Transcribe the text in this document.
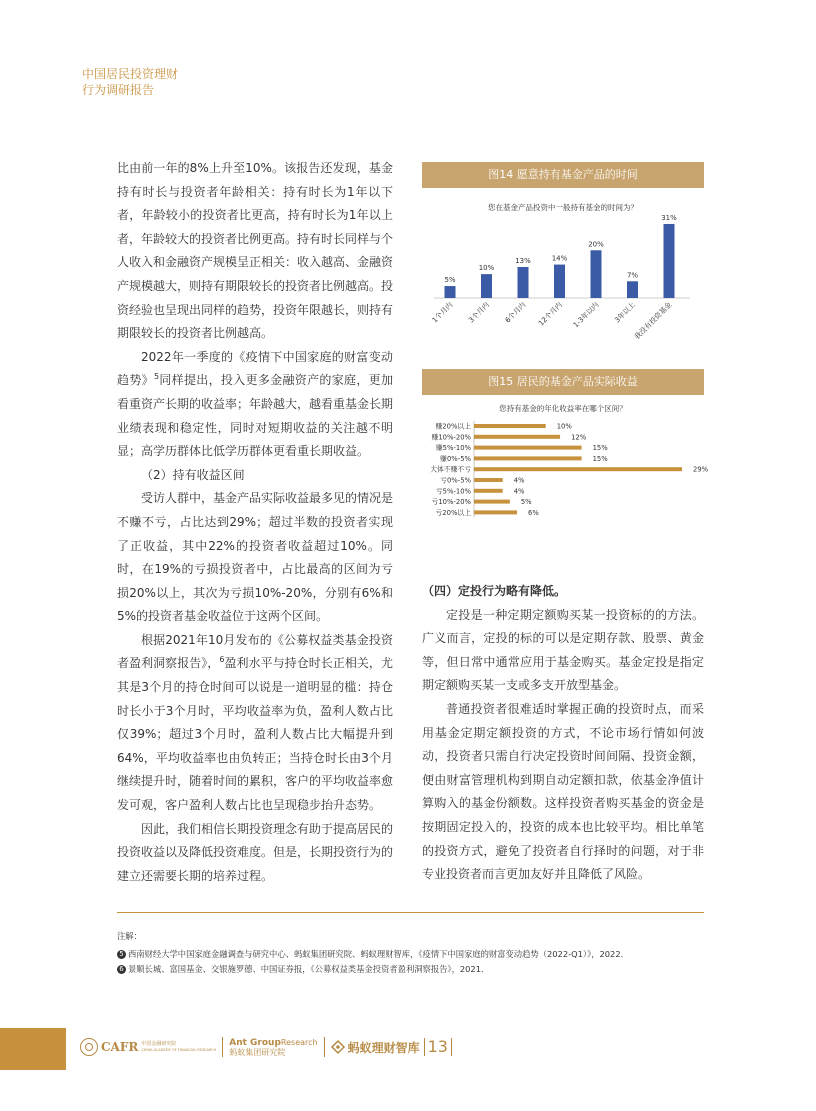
中国居民投资理财
行为调研报告

比由前一年的8%上升至10%。该报告还发现，基金持有时长与投资者年龄相关：持有时长为1年以下者，年龄较小的投资者比更高，持有时长为1年以上者，年龄较大的投资者比例更高。持有时长同样与个人收入和金融资产规模呈正相关：收入越高、金融资产规模越大，则持有期限较长的投资者比例越高。投资经验也呈现出同样的趋势，投资年限越长，则持有期限较长的投资者比例越高。

2022年一季度的《疫情下中国家庭的财富变动趋势》$^5$同样提出，投入更多金融资产的家庭，更加看重资产长期的收益率；年龄越大，越看重基金长期业绩表现和稳定性，同时对短期收益的关注越不明显；高学历群体比低学历群体更看重长期收益。

（2）持有收益区间

受访人群中，基金产品实际收益最多见的情况是不赚不亏，占比达到29%；超过半数的投资者实现了正收益，其中22%的投资者收益超过10%。同时，在19%的亏损投资者中，占比最高的区间为亏损20%以上，其次为亏损10%-20%，分别有6%和5%的投资者基金收益位于这两个区间。

根据2021年10月发布的《公募权益类基金投资者盈利洞察报告》，$^6$盈利水平与持仓时长正相关，尤其是3个月的持仓时间可以说是一道明显的槛：持仓时长小于3个月时，平均收益率为负，盈利人数占比仅39%；超过3个月时，盈利人数占比大幅提升到64%，平均收益率也由负转正；当持仓时长由3个月继续提升时，随着时间的累积，客户的平均收益率愈发可观，客户盈利人数占比也呈现稳步抬升态势。

因此，我们相信长期投资理念有助于提高居民的投资收益以及降低投资难度。但是，长期投资行为的建立还需要长期的培养过程。

图14 愿意持有基金产品的时间
您在基金产品投资中一般持有基金的时间为？
5%
1个月内
10%
3个月内
13%
6个月内
14%
12个月内
20%
1-3年以内
7%
3年以上
31%
我没有投资基金
图15 居民的基金产品实际收益
您持有基金的年化收益率在哪个区间？
赚20%以上	10%
赚10%-20%	12%
赚5%-10%	15%
赚0%-5%	15%
大体不赚不亏	29%
亏0%-5%	4%
亏5%-10%	4%
亏10%-20%	5%
亏20%以上	6%

（四）定投行为略有降低。

定投是一种定期定额购买某一投资标的的方法。广义而言，定投的标的可以是定期存款、股票、黄金等，但日常中通常应用于基金购买。基金定投是指定期定额购买某一支或多支开放型基金。

普通投资者很难适时掌握正确的投资时点，而采用基金定期定额投资的方式，不论市场行情如何波动，投资者只需自行决定投资时间间隔、投资金额，便由财富管理机构到期自动定额扣款，依基金净值计算购入的基金份额数。这样投资者购买基金的资金是按期固定投入的，投资的成本也比较平均。相比单笔的投资方式，避免了投资者自行择时的问题，对于非专业投资者而言更加友好并且降低了风险。

注解：
5 西南财经大学中国家庭金融调查与研究中心、蚂蚁集团研究院、蚂蚁理财智库，《疫情下中国家庭的财富变动趋势（2022-Q1）》，2022.
6 景顺长城、富国基金、交银施罗德、中国证券报，《公募权益类基金投资者盈利洞察报告》，2021.
CAFR 中国金融研究院
CHINA ACADEMY OF FINANCIAL RESEARCH
Ant GroupResearch
蚂蚁集团研究院	蚂蚁理财智库 13
